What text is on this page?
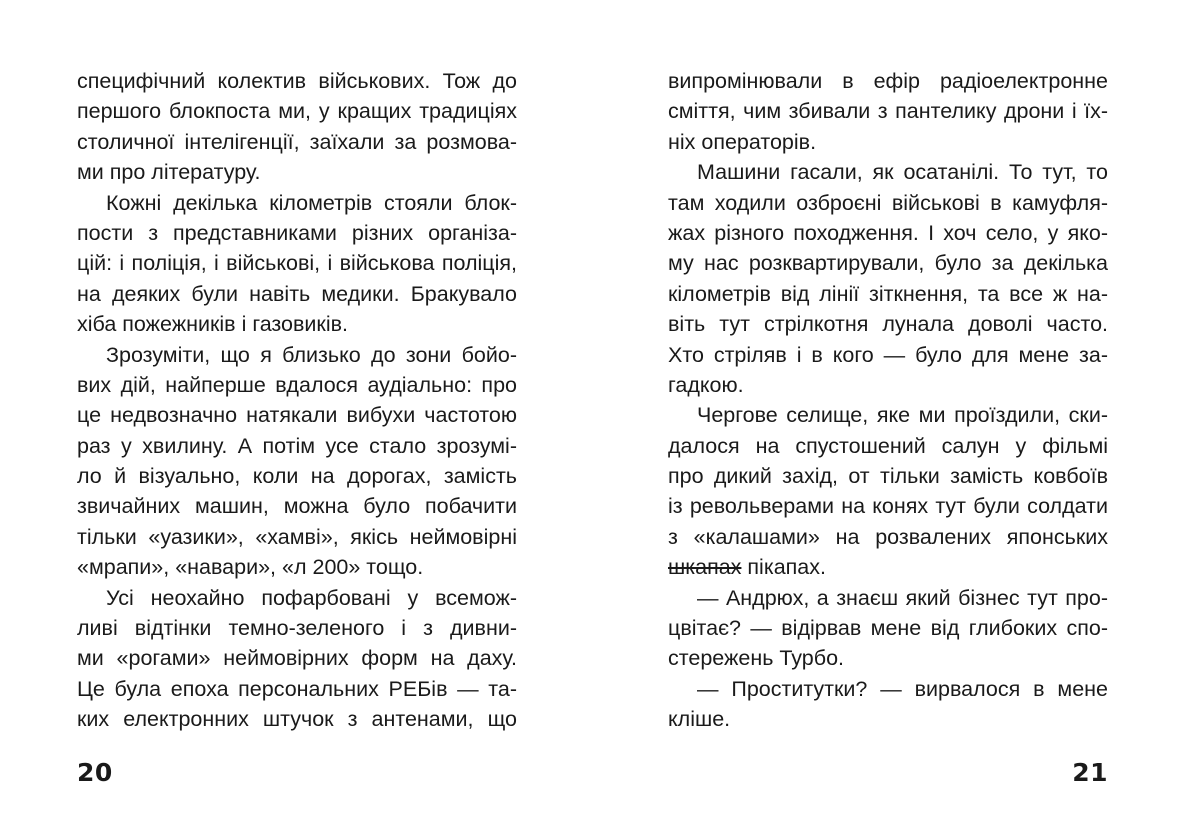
специфічний колектив військових. Тож до
першого блокпоста ми, у кращих традиціях
столичної інтелігенції, заїхали за розмова-
ми про літературу.
Кожні декілька кілометрів стояли блок-
пости з представниками різних організа-
цій: і поліція, і військові, і військова поліція,
на деяких були навіть медики. Бракувало
хіба пожежників і газовиків.
Зрозуміти, що я близько до зони бойо-
вих дій, найперше вдалося аудіально: про
це недвозначно натякали вибухи частотою
раз у хвилину. А потім усе стало зрозумі-
ло й візуально, коли на дорогах, замість
звичайних машин, можна було побачити
тільки «уазики», «хамві», якісь неймовірні
«мрапи», «навари», «л 200» тощо.
Усі неохайно пофарбовані у всемож-
ливі відтінки темно-зеленого і з дивни-
ми «рогами» неймовірних форм на даху.
Це була епоха персональних РЕБів — та-
ких електронних штучок з антенами, що
20
випромінювали в ефір радіоелектронне
сміття, чим збивали з пантелику дрони і їх-
ніх операторів.
Машини гасали, як осатанілі. То тут, то
там ходили озброєні військові в камуфля-
жах різного походження. І хоч село, у яко-
му нас розквартирували, було за декілька
кілометрів від лінії зіткнення, та все ж на-
віть тут стрілкотня лунала доволі часто.
Хто стріляв і в кого — було для мене за-
гадкою.
Чергове селище, яке ми проїздили, ски-
далося на спустошений салун у фільмі
про дикий захід, от тільки замість ковбоїв
із револьверами на конях тут були солдати
з «калашами» на розвалених японських
шкапах пікапах.
— Андрюх, а знаєш який бізнес тут про-
цвітає? — відірвав мене від глибоких спо-
стережень Турбо.
— Проститутки? — вирвалося в мене
кліше.
21
